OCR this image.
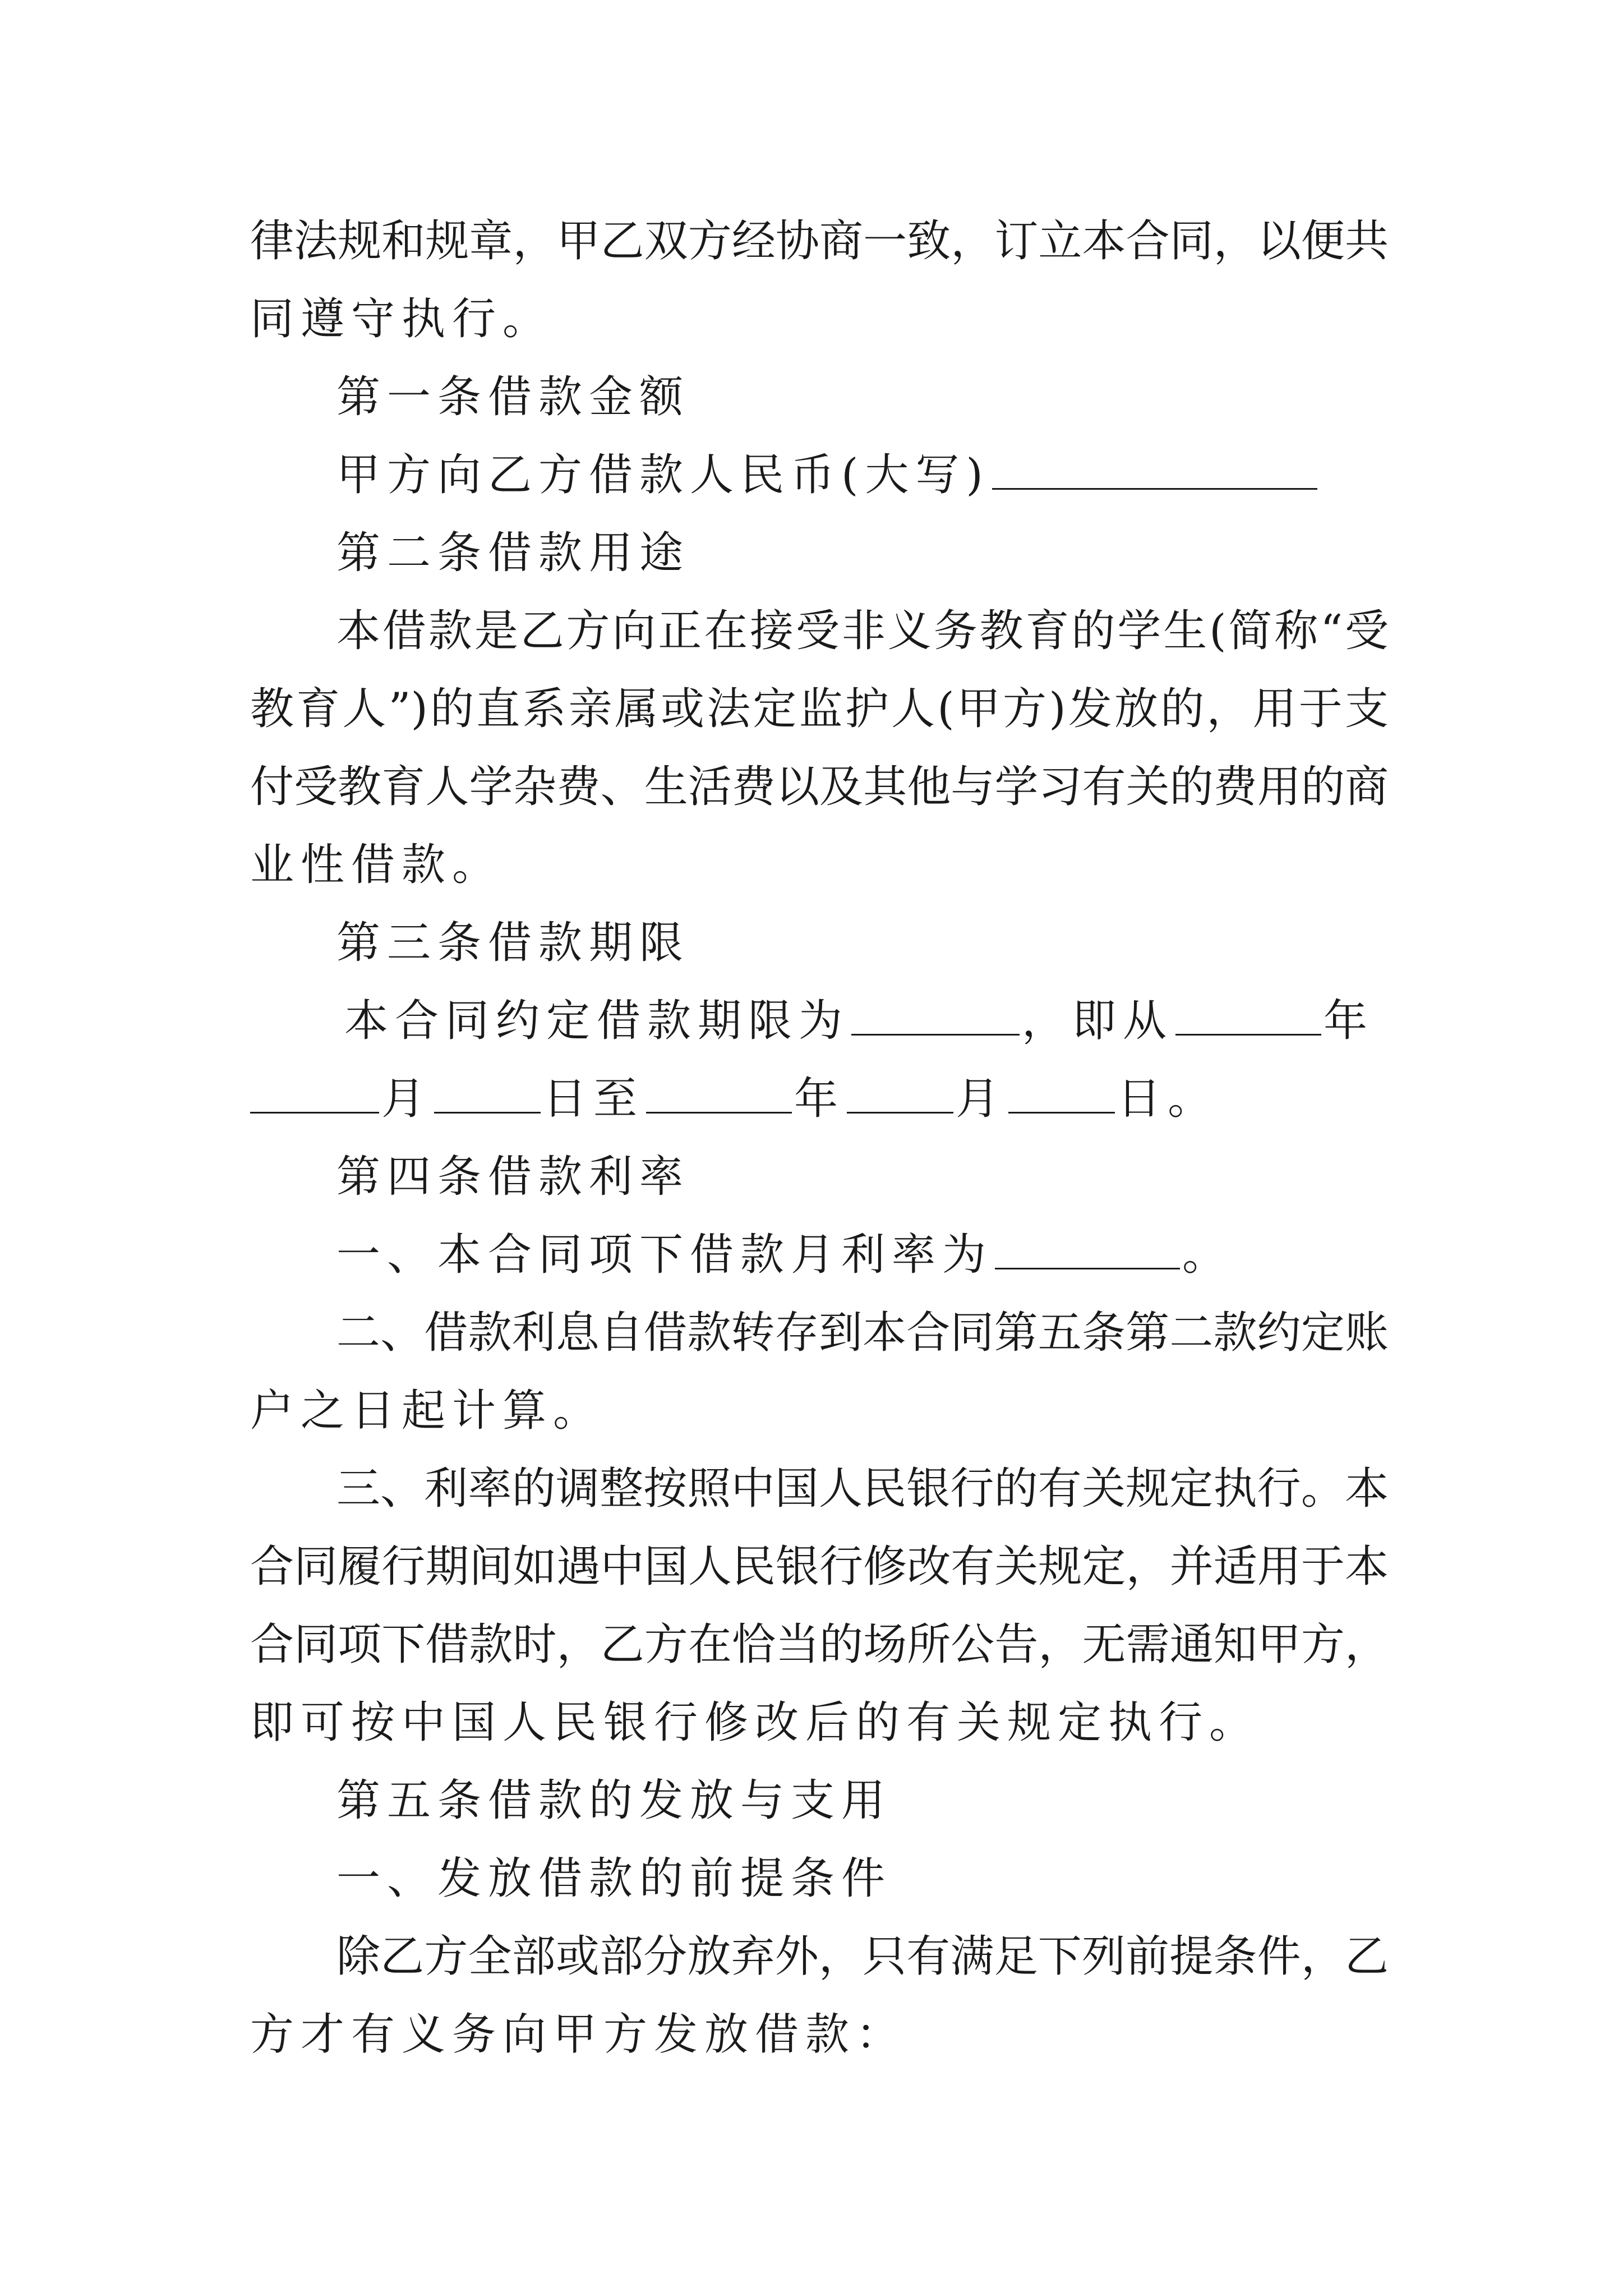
律法规和规章，甲乙双方经协商一致，订立本合同，以便共
同遵守执行。
第一条借款金额
甲方向乙方借款人民币(大写)
第二条借款用途
本借款是乙方向正在接受非义务教育的学生(简称“受
教育人”)的直系亲属或法定监护人(甲方)发放的，用于支
付受教育人学杂费、生活费以及其他与学习有关的费用的商
业性借款。
第三条借款期限
本合同约定借款期限为	，即从	年
月	日至	年	月	日。
第四条借款利率
一、本合同项下借款月利率为	。
二、借款利息自借款转存到本合同第五条第二款约定账
户之日起计算。
三、利率的调整按照中国人民银行的有关规定执行。本
合同履行期间如遇中国人民银行修改有关规定，并适用于本
合同项下借款时，乙方在恰当的场所公告，无需通知甲方，
即可按中国人民银行修改后的有关规定执行。
第五条借款的发放与支用
一、发放借款的前提条件
除乙方全部或部分放弃外，只有满足下列前提条件，乙
方才有义务向甲方发放借款：
